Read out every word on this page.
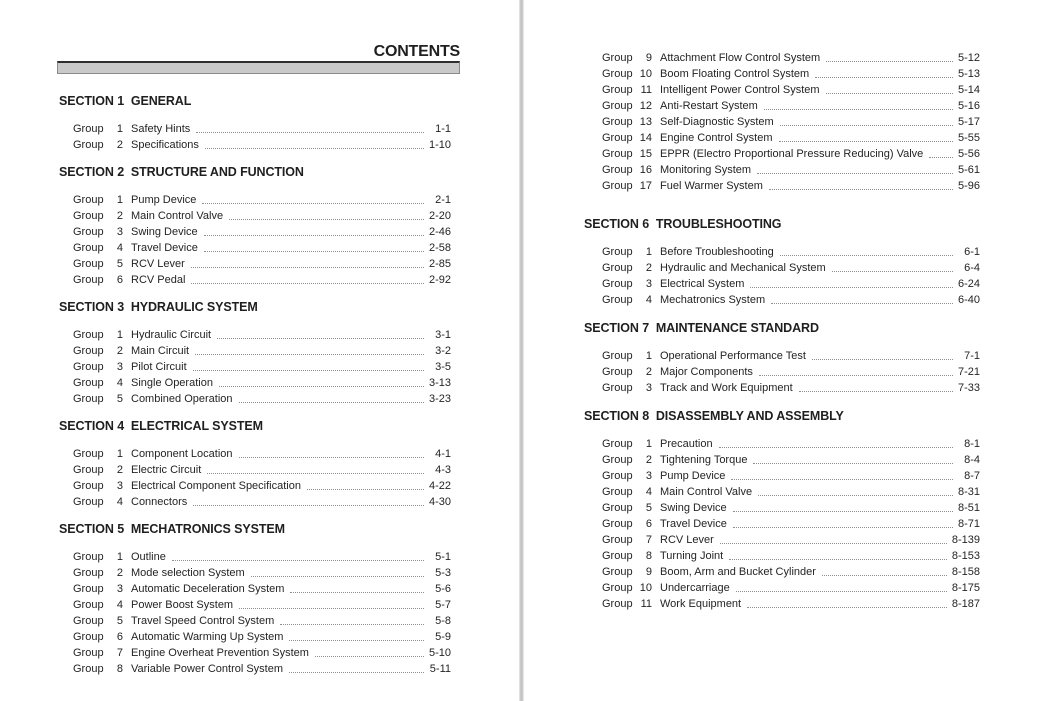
CONTENTS
SECTION 1  GENERAL
Group	1 Safety Hints	1-1
Group	2 Specifications	1-10
SECTION 2  STRUCTURE AND FUNCTION
Group	1 Pump Device	2-1
Group	2 Main Control Valve	2-20
Group	3 Swing Device	2-46
Group	4 Travel Device	2-58
Group	5 RCV Lever	2-85
Group	6 RCV Pedal	2-92
SECTION 3  HYDRAULIC SYSTEM
Group	1 Hydraulic Circuit	3-1
Group	2 Main Circuit	3-2
Group	3 Pilot Circuit	3-5
Group	4 Single Operation	3-13
Group	5 Combined Operation	3-23
SECTION 4  ELECTRICAL SYSTEM
Group	1 Component Location	4-1
Group	2 Electric Circuit	4-3
Group	3 Electrical Component Specification	4-22
Group	4 Connectors	4-30
SECTION 5  MECHATRONICS SYSTEM
Group	1 Outline	5-1
Group	2 Mode selection System	5-3
Group	3 Automatic Deceleration System	5-6
Group	4 Power Boost System	5-7
Group	5 Travel Speed Control System	5-8
Group	6 Automatic Warming Up System	5-9
Group	7 Engine Overheat Prevention System	5-10
Group	8 Variable Power Control System	5-11
Group	9 Attachment Flow Control System	5-12
Group 10 Boom Floating Control System	5-13
Group 11 Intelligent Power Control System	5-14
Group 12 Anti-Restart System	5-16
Group 13 Self-Diagnostic System	5-17
Group 14 Engine Control System	5-55
Group 15 EPPR (Electro Proportional Pressure Reducing) Valve	5-56
Group 16 Monitoring System	5-61
Group 17 Fuel Warmer System	5-96
SECTION 6  TROUBLESHOOTING
Group	1 Before Troubleshooting	6-1
Group	2 Hydraulic and Mechanical System	6-4
Group	3 Electrical System	6-24
Group	4 Mechatronics System	6-40
SECTION 7  MAINTENANCE STANDARD
Group	1 Operational Performance Test	7-1
Group	2 Major Components	7-21
Group	3 Track and Work Equipment	7-33
SECTION 8  DISASSEMBLY AND ASSEMBLY
Group	1 Precaution	8-1
Group	2 Tightening Torque	8-4
Group	3 Pump Device	8-7
Group	4 Main Control Valve	8-31
Group	5 Swing Device	8-51
Group	6 Travel Device	8-71
Group	7 RCV Lever	8-139
Group	8 Turning Joint	8-153
Group	9 Boom, Arm and Bucket Cylinder	8-158
Group 10 Undercarriage	8-175
Group 11 Work Equipment	8-187
